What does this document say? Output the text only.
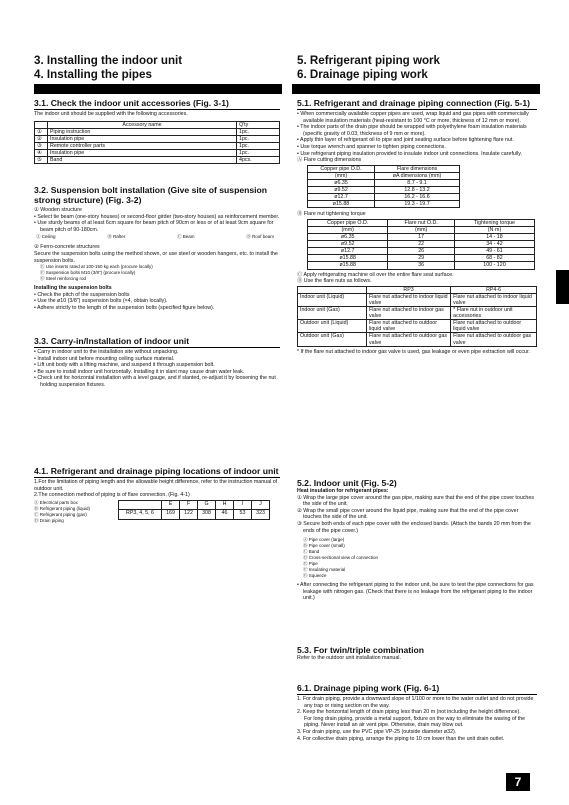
3. Installing the indoor unit
4. Installing the pipes
5. Refrigerant piping work
6. Drainage piping work
3.1. Check the indoor unit accessories (Fig. 3-1)

The indoor unit should be supplied with the following accessories.

	Accessory name	Q'ty
①	Piping instruction	1pc.
②	Insulation pipe	1pc.
③	Remote controller parts	1pc.
④	Insulation pipe	1pc.
⑤	Band	4pcs.
3.2. Suspension bolt installation (Give site of suspension strong structure) (Fig. 3-2)

① Wooden structure

• Select tie beam (one-story houses) or second-floor girder (two-story houses) as reinforcement member.
• Use sturdy beams of at least 6cm square for beam pitch of 90cm or less or of at least 9cm square for beam pitch of 90-180cm.
Ⓐ Ceiling	Ⓑ Rafter	Ⓒ Beam	Ⓓ Roof beam

② Ferro-concrete structures

Secure the suspension bolts using the method shown, or use steel or wooden hangers, etc. to install the suspension bolts.

Ⓔ Use inserts rated at 100-150 kg each (procure locally)
Ⓕ Suspension bolts M10 (3/8") (procure locally)
Ⓖ Steel reinforcing rod

Installing the suspension bolts

• Check the pitch of the suspension bolts
• Use the ø10 (3/8") suspension bolts (×4, obtain locally).
• Adhere strictly to the length of the suspension bolts (specified figure below).
3.3. Carry-in/Installation of indoor unit
• Carry in indoor unit to the installation site without unpacking.
• Install indoor unit before mounting ceiling surface material.
• Lift unit body with a lifting machine, and suspend it through suspension bolt.
• Be sure to install indoor unit horizontally. Installing it in slant may cause drain water leak.
• Check unit for horizontal installation with a level gauge, and if slanted, re-adjust it by loosening the nut holding suspension fixtures.
4.1. Refrigerant and drainage piping locations of indoor unit

1.For the limitation of piping length and the allowable height difference, refer to the instruction manual of outdoor unit.

2.The connection method of piping is of flare connection. (Fig. 4-1)

Ⓐ Electrical parts box
Ⓑ Refrigerant piping (liquid)
Ⓒ Refrigerant piping (gas)
Ⓓ Drain piping
	E	F	G	H	I	J
RP3, 4, 5, 6	169	122	308	46	53	323
5.1. Refrigerant and drainage piping connection (Fig. 5-1)
• When commercially available copper pipes are used, wrap liquid and gas pipes with commercially available insulation materials (heat-resistant to 100 °C or more, thickness of 12 mm or more).
• The indoor parts of the drain pipe should be wrapped with polyethylene foam insulation materials (specific gravity of 0.03, thickness of 9 mm or more).
• Apply thin layer of refrigerant oil to pipe and joint seating surface before tightening flare nut.
• Use torque wrench and spanner to tighten piping connections.
• Use refrigerant piping insulation provided to insulate indoor unit connections. Insulate carefully.

Ⓐ Flare cutting dimensions

Copper pipe O.D.	Flare dimensions
(mm)	øA dimensions (mm)
ø6.35	8.7 - 9.1
ø9.52	12.8 - 13.2
ø12.7	16.2 - 16.6
ø15.88	19.3 - 19.7

Ⓑ Flare nut tightening torque

Copper pipe O.D.	Flare nut O.D.	Tightening torque
(mm)	(mm)	(N·m)
ø6.35	17	14 - 18
ø9.52	22	34 - 42
ø12.7	26	49 - 61
ø15.88	29	68 - 82
ø15.88	36	100 - 120

Ⓒ Apply refrigerating machine oil over the entire flare seat surface.

Ⓓ Use the flare nuts as follows.

	RP3	RP4-6
Indoor unit (Liquid)	Flare nut attached to indoor liquid valve	Flare nut attached to indoor liquid valve
Indoor unit (Gas)	Flare nut attached to indoor gas valve	* Flare nut in outdoor unit accessories
Outdoor unit (Liquid)	Flare nut attached to outdoor liquid valve	Flare nut attached to outdoor liquid valve
Outdoor unit (Gas)	Flare nut attached to outdoor gas valve	Flare nut attached to outdoor gas valve

* If the flare nut attached to indoor gas valve is used, gas leakage or even pipe extraction will occur.

5.2. Indoor unit (Fig. 5-2)

Heat insulation for refrigerant pipes:

① Wrap the large pipe cover around the gas pipe, making sure that the end of the pipe cover touches the side of the unit.

② Wrap the small pipe cover around the liquid pipe, making sure that the end of the pipe cover touches the side of the unit.

③ Secure both ends of each pipe cover with the enclosed bands. (Attach the bands 20 mm from the ends of the pipe cover.)

Ⓐ Pipe cover (large)
Ⓑ Pipe cover (small)
Ⓒ Band
Ⓓ Cross-sectional view of connection
Ⓔ Pipe
Ⓕ Insulating material
Ⓖ Squeeze
• After connecting the refrigerant piping to the indoor unit, be sure to test the pipe connections for gas leakage with nitrogen gas. (Check that there is no leakage from the refrigerant piping to the indoor unit.)
5.3. For twin/triple combination

Refer to the outdoor unit installation manual.

6.1. Drainage piping work (Fig. 6-1)

1. For drain piping, provide a downward slope of 1/100 or more to the water outlet and do not provide any trap or rising section on the way.

2. Keep the horizontal length of drain piping less than 20 m (not including the height difference).

For long drain piping, provide a metal support, fixture on the way to eliminate the waving of the piping. Never install an air vent pipe. Otherwise, drain may blow out.

3. For drain piping, use the PVC pipe VP-25 (outside diameter ø32).

4. For collective drain piping, arrange the piping to 10 cm lower than the unit drain outlet.

7
